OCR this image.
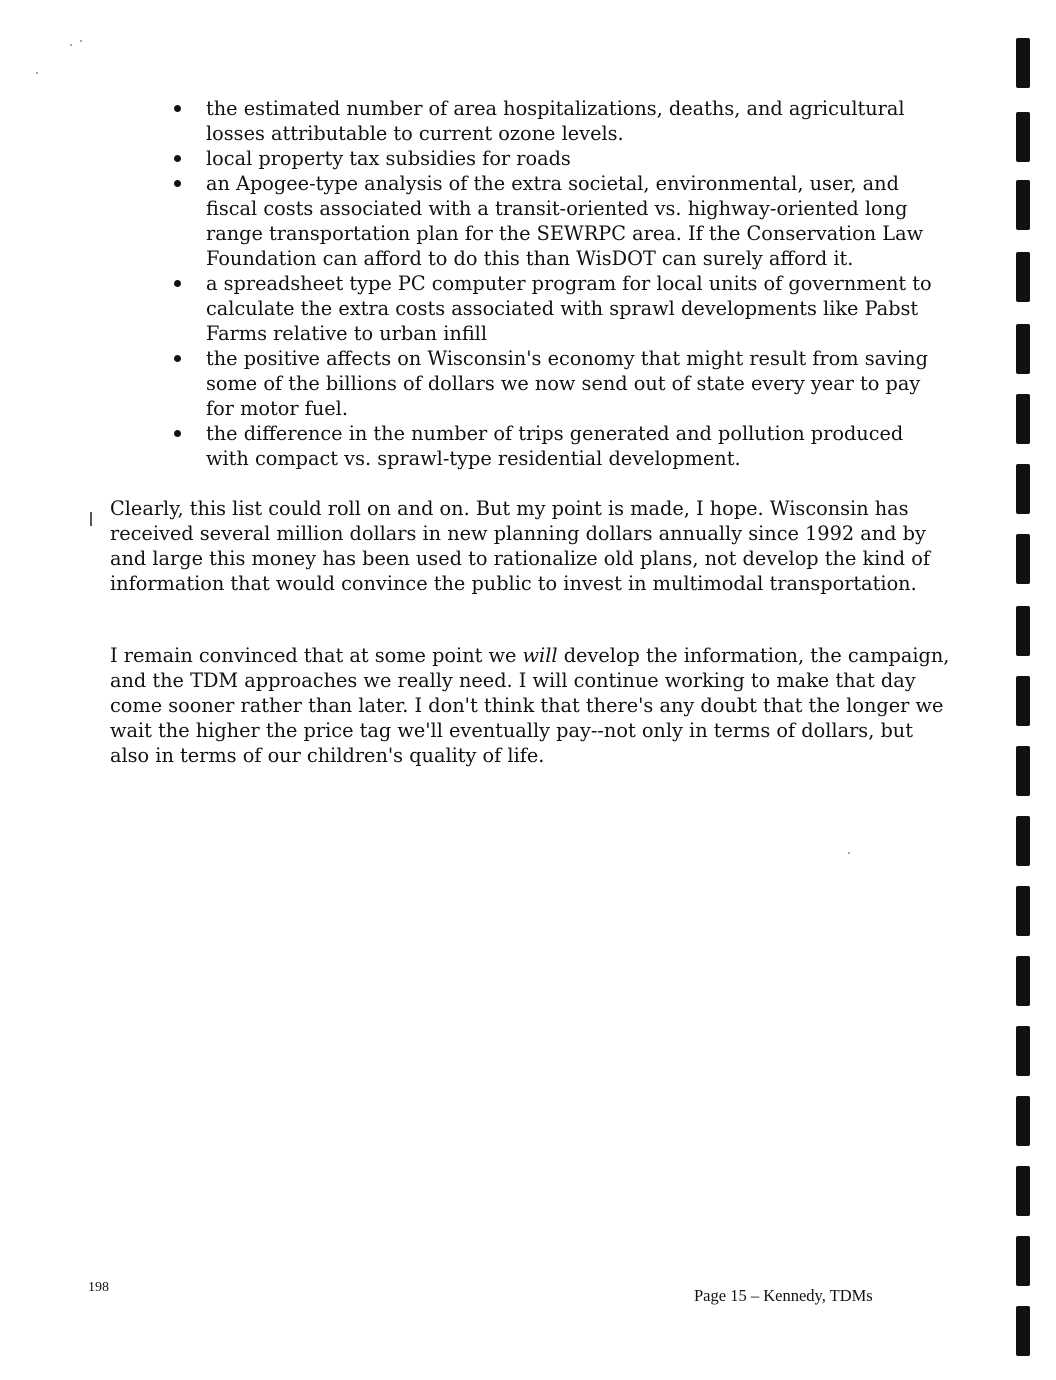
the estimated number of area hospitalizations, deaths, and agricultural losses attributable to current ozone levels.
local property tax subsidies for roads
an Apogee-type analysis of the extra societal, environmental, user, and fiscal costs associated with a transit-oriented vs. highway-oriented long range transportation plan for the SEWRPC area. If the Conservation Law Foundation can afford to do this than WisDOT can surely afford it.
a spreadsheet type PC computer program for local units of government to calculate the extra costs associated with sprawl developments like Pabst Farms relative to urban infill
the positive affects on Wisconsin's economy that might result from saving some of the billions of dollars we now send out of state every year to pay for motor fuel.
the difference in the number of trips generated and pollution produced with compact vs. sprawl-type residential development.

Clearly, this list could roll on and on. But my point is made, I hope. Wisconsin has received several million dollars in new planning dollars annually since 1992 and by and large this money has been used to rationalize old plans, not develop the kind of information that would convince the public to invest in multimodal transportation.

I remain convinced that at some point we will develop the information, the campaign, and the TDM approaches we really need. I will continue working to make that day come sooner rather than later. I don't think that there's any doubt that the longer we wait the higher the price tag we'll eventually pay--not only in terms of dollars, but also in terms of our children's quality of life.

198	Page 15 – Kennedy, TDMs
